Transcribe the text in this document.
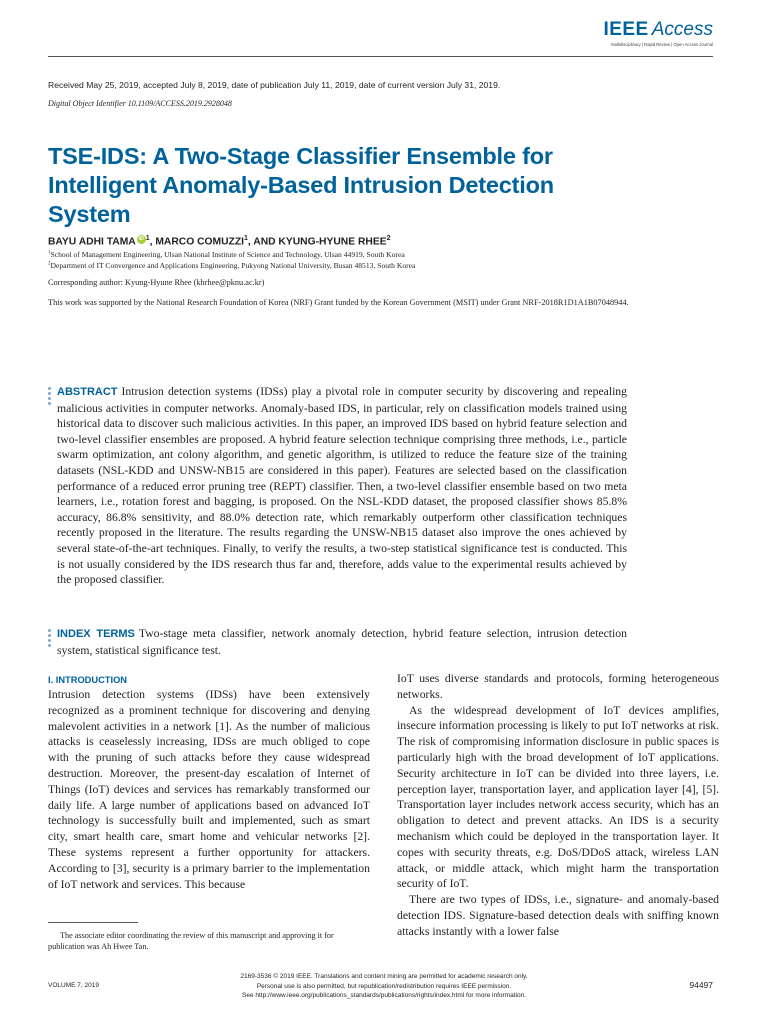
IEEE Access
Multidisciplinary | Rapid Review | Open Access Journal
Received May 25, 2019, accepted July 8, 2019, date of publication July 11, 2019, date of current version July 31, 2019.
Digital Object Identifier 10.1109/ACCESS.2019.2928048
TSE-IDS: A Two-Stage Classifier Ensemble for Intelligent Anomaly-Based Intrusion Detection System
BAYU ADHI TAMA iD $^1$, MARCO COMUZZI$^1$, AND KYUNG-HYUNE RHEE$^2$
$^1$School of Management Engineering, Ulsan National Institute of Science and Technology, Ulsan 44919, South Korea
$^2$Department of IT Convergence and Applications Engineering, Pukyong National University, Busan 48513, South Korea
Corresponding author: Kyung-Hyune Rhee (khrhee@pknu.ac.kr)
This work was supported by the National Research Foundation of Korea (NRF) Grant funded by the Korean Government (MSIT) under Grant NRF-2018R1D1A1B07048944.
ABSTRACT Intrusion detection systems (IDSs) play a pivotal role in computer security by discovering and repealing malicious activities in computer networks. Anomaly-based IDS, in particular, rely on classification models trained using historical data to discover such malicious activities. In this paper, an improved IDS based on hybrid feature selection and two-level classifier ensembles are proposed. A hybrid feature selection technique comprising three methods, i.e., particle swarm optimization, ant colony algorithm, and genetic algorithm, is utilized to reduce the feature size of the training datasets (NSL-KDD and UNSW-NB15 are considered in this paper). Features are selected based on the classification performance of a reduced error pruning tree (REPT) classifier. Then, a two-level classifier ensemble based on two meta learners, i.e., rotation forest and bagging, is proposed. On the NSL-KDD dataset, the proposed classifier shows 85.8% accuracy, 86.8% sensitivity, and 88.0% detection rate, which remarkably outperform other classification techniques recently proposed in the literature. The results regarding the UNSW-NB15 dataset also improve the ones achieved by several state-of-the-art techniques. Finally, to verify the results, a two-step statistical significance test is conducted. This is not usually considered by the IDS research thus far and, therefore, adds value to the experimental results achieved by the proposed classifier.
INDEX TERMS Two-stage meta classifier, network anomaly detection, hybrid feature selection, intrusion detection system, statistical significance test.
I. INTRODUCTION

Intrusion detection systems (IDSs) have been extensively recognized as a prominent technique for discovering and denying malevolent activities in a network [1]. As the number of malicious attacks is ceaselessly increasing, IDSs are much obliged to cope with the pruning of such attacks before they cause widespread destruction. Moreover, the present-day escalation of Internet of Things (IoT) devices and services has remarkably transformed our daily life. A large number of applications based on advanced IoT technology is successfully built and implemented, such as smart city, smart health care, smart home and vehicular networks [2]. These systems represent a further opportunity for attackers. According to [3], security is a primary barrier to the implementation of IoT network and services. This because

IoT uses diverse standards and protocols, forming heterogeneous networks.

As the widespread development of IoT devices amplifies, insecure information processing is likely to put IoT networks at risk. The risk of compromising information disclosure in public spaces is particularly high with the broad development of IoT applications. Security architecture in IoT can be divided into three layers, i.e. perception layer, transportation layer, and application layer [4], [5]. Transportation layer includes network access security, which has an obligation to detect and prevent attacks. An IDS is a security mechanism which could be deployed in the transportation layer. It copes with security threats, e.g. DoS/DDoS attack, wireless LAN attack, or middle attack, which might harm the transportation security of IoT.

There are two types of IDSs, i.e., signature- and anomaly-based detection IDS. Signature-based detection deals with sniffing known attacks instantly with a lower false

The associate editor coordinating the review of this manuscript and approving it for publication was Ah Hwee Tan.
VOLUME 7, 2019
2169-3536 © 2019 IEEE. Translations and content mining are permitted for academic research only.
Personal use is also permitted, but republication/redistribution requires IEEE permission.
See http://www.ieee.org/publications_standards/publications/rights/index.html for more information.
94497
